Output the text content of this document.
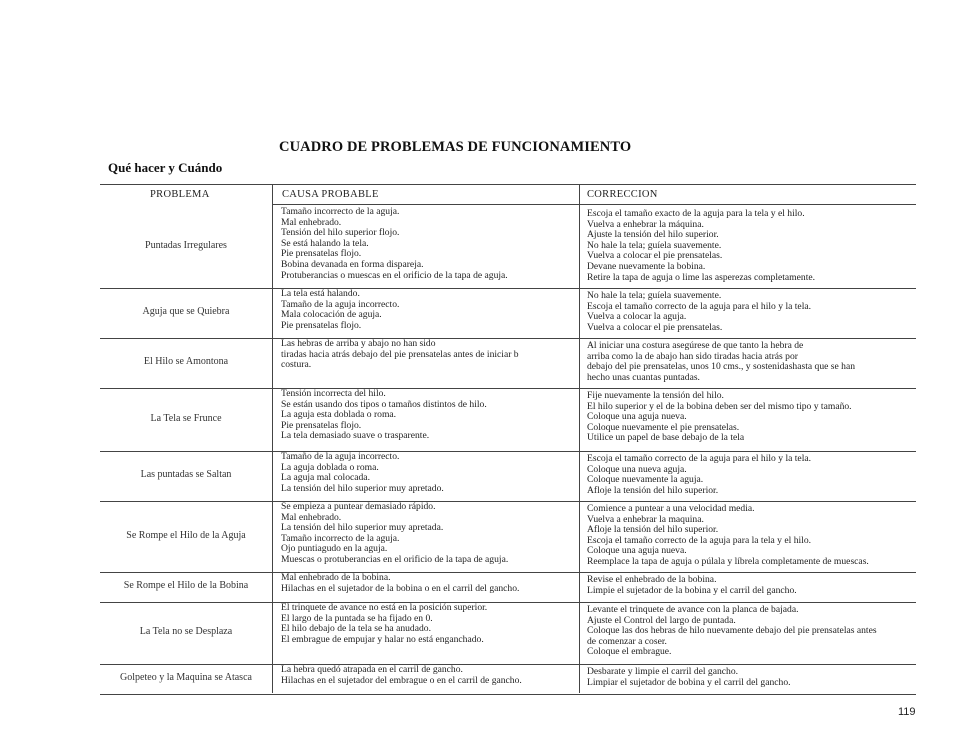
CUADRO DE PROBLEMAS DE FUNCIONAMIENTO
Qué hacer y Cuándo
PROBLEMA	CAUSA PROBABLE	CORRECCION
Puntadas Irregulares
Tamaño incorrecto de la aguja.
Mal enhebrado.
Tensión del hilo superior flojo.
Se está halando la tela.
Pie prensatelas flojo.
Bobina devanada en forma dispareja.
Protuberancias o muescas en el orificio de la tapa de aguja.
Escoja el tamaño exacto de la aguja para la tela y el hilo.
Vuelva a enhebrar la máquina.
Ajuste la tensión del hilo superior.
No hale la tela; guíela suavemente.
Vuelva a colocar el pie prensatelas.
Devane nuevamente la bobina.
Retire la tapa de aguja o lime las asperezas completamente.
Aguja que se Quiebra
La tela está halando.
Tamaño de la aguja incorrecto.
Mala colocación de aguja.
Pie prensatelas flojo.
No hale la tela; guíela suavemente.
Escoja el tamaño correcto de la aguja para el hilo y la tela.
Vuelva a colocar la aguja.
Vuelva a colocar el pie prensatelas.
El Hilo se Amontona
Las hebras de arriba y abajo no han sido
tiradas hacia atrás debajo del pie prensatelas antes de iniciar b
costura.
Al iniciar una costura asegúrese de que tanto la hebra de
arriba como la de abajo han sido tiradas hacia atrás por
debajo del pie prensatelas, unos 10 cms., y sostenidashasta que se han
hecho unas cuantas puntadas.
La Tela se Frunce
Tensión incorrecta del hilo.
Se están usando dos tipos o tamaños distintos de hilo.
La aguja esta doblada o roma.
Pie prensatelas flojo.
La tela demasiado suave o trasparente.
Fije nuevamente la tensión del hilo.
El hilo superior y el de la bobina deben ser del mismo tipo y tamaño.
Coloque una aguja nueva.
Coloque nuevamente el pie prensatelas.
Utilice un papel de base debajo de la tela
Las puntadas se Saltan
Tamaño de la aguja incorrecto.
La aguja doblada o roma.
La aguja mal colocada.
La tensión del hilo superior muy apretado.
Escoja el tamaño correcto de la aguja para el hilo y la tela.
Coloque una nueva aguja.
Coloque nuevamente la aguja.
Afloje la tensión del hilo superior.
Se Rompe el Hilo de la Aguja
Se empieza a puntear demasiado rápido.
Mal enhebrado.
La tensión del hilo superior muy apretada.
Tamaño incorrecto de la aguja.
Ojo puntiagudo en la aguja.
Muescas o protuberancias en el orificio de la tapa de aguja.
Comience a puntear a una velocidad media.
Vuelva a enhebrar la maquina.
Afloje la tensión del hilo superior.
Escoja el tamaño correcto de la aguja para la tela y el hilo.
Coloque una aguja nueva.
Reemplace la tapa de aguja o púlala y líbrela completamente de muescas.
Se Rompe el Hilo de la Bobina
Mal enhebrado de la bobina.
Hilachas en el sujetador de la bobina o en el carril del gancho.
Revise el enhebrado de la bobina.
Limpie el sujetador de la bobina y el carril del gancho.
La Tela no se Desplaza
El trinquete de avance no está en la posición superior.
El largo de la puntada se ha fijado en 0.
El hilo debajo de la tela se ha anudado.
El embrague de empujar y halar no está enganchado.
Levante el trinquete de avance con la planca de bajada.
Ajuste el Control del largo de puntada.
Coloque las dos hebras de hilo nuevamente debajo del pie prensatelas antes
de comenzar a coser.
Coloque el embrague.
Golpeteo y la Maquina se Atasca
La hebra quedó atrapada en el carril de gancho.
Hilachas en el sujetador del embrague o en el carril de gancho.
Desbarate y limpie el carril del gancho.
Limpiar el sujetador de bobina y el carril del gancho.
119
